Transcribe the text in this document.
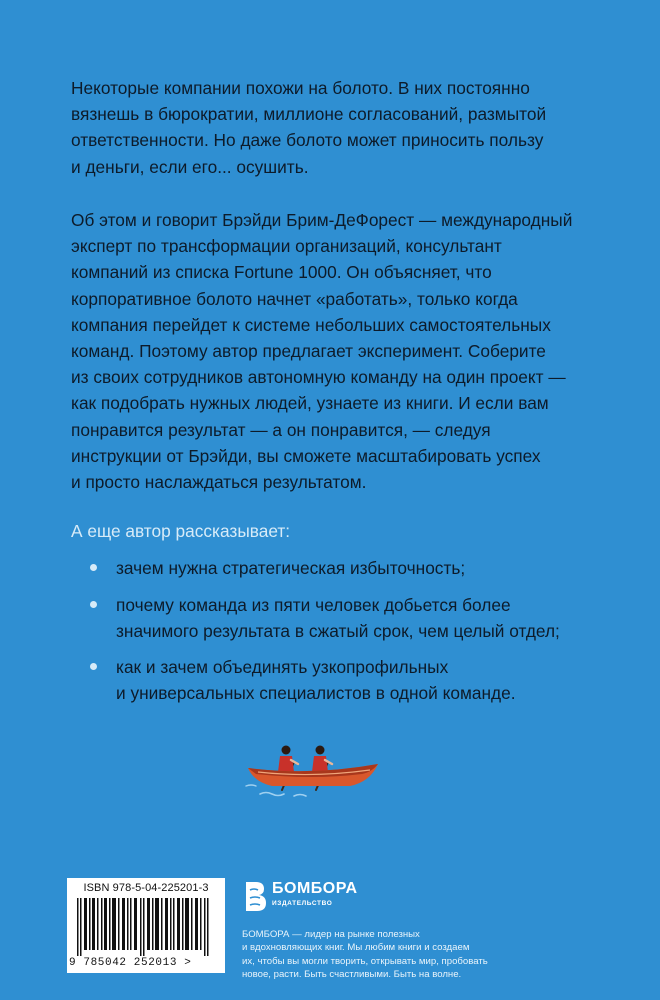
Некоторые компании похожи на болото. В них постоянно
вязнешь в бюрократии, миллионе согласований, размытой
ответственности. Но даже болото может приносить пользу
и деньги, если его... осушить.

Об этом и говорит Брэйди Брим-ДеФорест — международный
эксперт по трансформации организаций, консультант
компаний из списка Fortune 1000. Он объясняет, что
корпоративное болото начнет «работать», только когда
компания перейдет к системе небольших самостоятельных
команд. Поэтому автор предлагает эксперимент. Соберите
из своих сотрудников автономную команду на один проект —
как подобрать нужных людей, узнаете из книги. И если вам
понравится результат — а он понравится, — следуя
инструкции от Брэйди, вы сможете масштабировать успех
и просто наслаждаться результатом.

А еще автор рассказывает:
зачем нужна стратегическая избыточность;
почему команда из пяти человек добьется более
значимого результата в сжатый срок, чем целый отдел;
как и зачем объединять узкопрофильных
и универсальных специалистов в одной команде.
ISBN 978-5-04-225201-3
9 785042 252013 >
БОМБОРА
ИЗДАТЕЛЬСТВО
БОМБОРА — лидер на рынке полезных
и вдохновляющих книг. Мы любим книги и создаем
их, чтобы вы могли творить, открывать мир, пробовать
новое, расти. Быть счастливыми. Быть на волне.
